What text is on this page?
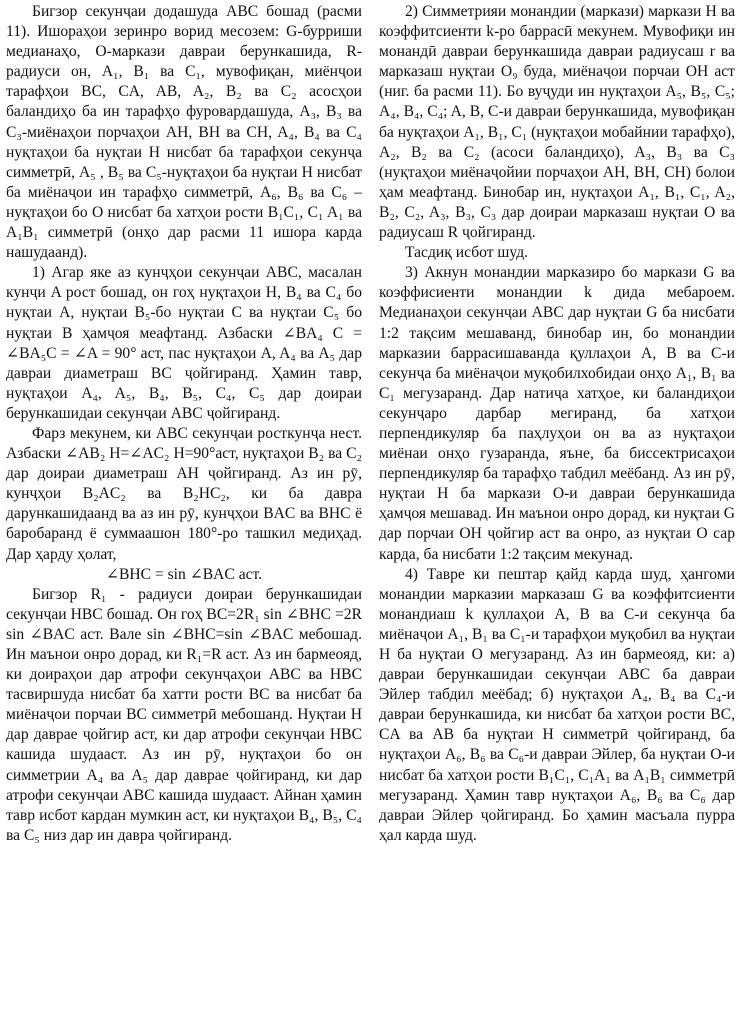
Бигзор секунҷаи додашуда ABC бошад (расми 11). Ишораҳои зеринро ворид месозем: G-бурриши медианаҳо, O-маркази давраи берункашида, R-радиуси он, A₁, B₁ ва C₁, мувофиқан, миёнҷои тарафҳои BC, CA, AB, A₂, B₂ ва C₂ асосҳои баландиҳо ба ин тарафҳо фуровардашуда, A₃, B₃ ва C₃-миёнаҳои порчаҳои AH, BH ва CH, A₄, B₄ ва C₄ нуқтаҳои ба нуқтаи H нисбат ба тарафҳои секунҷа симметрӣ, A₅ , B₅ ва C₅-нуқтаҳои ба нуқтаи H нисбат ба миёнаҷои ин тарафҳо симметрӣ, A₆, B₆ ва C₆ – нуқтаҳои бо O нисбат ба хатҳои рости B₁C₁, C₁ A₁ ва A₁B₁ симметрӣ (онҳо дар расми 11 ишора карда нашудаанд).

1) Агар яке аз кунҷҳои секунҷаи ABC, масалан кунҷи A рост бошад, он гоҳ нуқтаҳои H, B₄ ва C₄ бо нуқтаи A, нуқтаи B₅-бо нуқтаи C ва нуқтаи C₅ бо нуқтаи B ҳамҷоя меафтанд. Азбаски ∠BA₄ C = ∠BA₅C = ∠A = 90° аст, пас нуқтаҳои A, A₄ ва A₅ дар давраи диаметраш BC ҷойгиранд. Ҳамин тавр, нуқтаҳои A₄, A₅, B₄, B₅, C₄, C₅ дар доираи берункашидаи секунҷаи ABC ҷойгиранд.

Фарз мекунем, ки ABC секунҷаи росткунҷа нест. Азбаски ∠AB₂ H=∠AC₂ H=90°аст, нуқтаҳои B₂ ва C₂ дар доираи диаметраш AH ҷойгиранд. Аз ин рӯ, кунҷҳои B₂AC₂ ва B₂HC₂, ки ба давра дарункашидаанд ва аз ин рӯ, кунҷҳои BAC ва BHC ё баробаранд ё суммаашон 180°-ро ташкил медиҳад. Дар ҳарду ҳолат,

∠BHC = sin ∠BAC аст.

Бигзор R₁ - радиуси доираи берункашидаи секунҷаи HBC бошад. Он гоҳ BC=2R₁ sin ∠BHC =2R sin ∠BAC аст. Вале sin ∠BHC=sin ∠BAC мебошад. Ин маънои онро дорад, ки R₁=R аст. Аз ин бармеояд, ки доираҳои дар атрофи секунҷаҳои ABC ва HBC тасвиршуда нисбат ба хатти рости BC ва нисбат ба миёнаҷои порчаи BC симметрӣ мебошанд. Нуқтаи H дар давраe ҷойгир аст, ки дар атрофи секунҷаи HBC кашида шудааст. Аз ин рӯ, нуқтаҳои бо он симметрии A₄ ва A₅ дар давраe ҷойгиранд, ки дар атрофи секунҷаи ABC кашида шудааст. Айнан ҳамин тавр исбот кардан мумкин аст, ки нуқтаҳои B₄, B₅, C₄ ва C₅ низ дар ин давра ҷойгиранд.

2) Симметрияи монандии (маркази) маркази H ва коэффитсиенти k-ро баррасӣ мекунем. Мувофиқи ин монандӣ давраи берункашида давраи радиусаш r ва марказаш нуқтаи O₉ буда, миёнаҷои порчаи OH аст (ниг. ба расми 11). Бо вуҷуди ин нуқтаҳои A₅, B₅, C₅; A₄, B₄, C₄; A, B, C-и давраи берункашида, мувофиқан ба нуқтаҳои A₁, B₁, C₁ (нуқтаҳои мобайнии тарафҳо), A₂, B₂ ва C₂ (асоси баландиҳо), A₃, B₃ ва C₃ (нуқтаҳои миёнаҷойии порчаҳои AH, BH, CH) болои ҳам меафтанд. Бинобар ин, нуқтаҳои A₁, B₁, C₁, A₂, B₂, C₂, A₃, B₃, C₃ дар доираи марказаш нуқтаи O ва радиусаш R ҷойгиранд.

Тасдиқ исбот шуд.

3) Акнун монандии марказиро бо маркази G ва коэффисиенти монандии k дида мебароем. Медианаҳои секунҷаи ABC дар нуқтаи G ба нисбати 1:2 тақсим мешаванд, бинобар ин, бо монандии марказии баррасишаванда қуллаҳои A, B ва C-и секунҷа ба миёнаҷои муқобилхобидаи онҳо A₁, B₁ ва C₁ мегузаранд. Дар натиҷа хатҳое, ки баландиҳои секунҷаро дарбар мегиранд, ба хатҳои перпендикуляр ба паҳлуҳои он ва аз нуқтаҳои миёнаи онҳо гузаранда, яъне, ба биссектрисаҳои перпендикуляр ба тарафҳо табдил меёбанд. Аз ин рӯ, нуқтаи H ба маркази O-и давраи берункашида ҳамҷоя мешавад. Ин маънои онро дорад, ки нуқтаи G дар порчаи OH ҷойгир аст ва онро, аз нуқтаи O сар карда, ба нисбати 1:2 тақсим мекунад.

4) Тавре ки пештар қайд карда шуд, ҳангоми монандии марказии марказаш G ва коэффитсиенти монандиаш k қуллаҳои A, B ва C-и секунҷа ба миёнаҷои A₁, B₁ ва C₁-и тарафҳои муқобил ва нуқтаи H ба нуқтаи O мегузаранд. Аз ин бармеояд, ки: а) давраи берункашидаи секунҷаи ABC ба давраи Эйлер табдил меёбад; б) нуқтаҳои A₄, B₄ ва C₄-и давраи берункашида, ки нисбат ба хатҳои рости BC, CA ва AB ба нуқтаи H симметрӣ ҷойгиранд, ба нуқтаҳои A₆, B₆ ва C₆-и давраи Эйлер, ба нуқтаи O-и нисбат ба хатҳои рости B₁C₁, C₁A₁ ва A₁B₁ симметрӣ мегузаранд. Ҳамин тавр нуқтаҳои A₆, B₆ ва C₆ дар давраи Эйлер ҷойгиранд. Бо ҳамин масъала пурра ҳал карда шуд.
